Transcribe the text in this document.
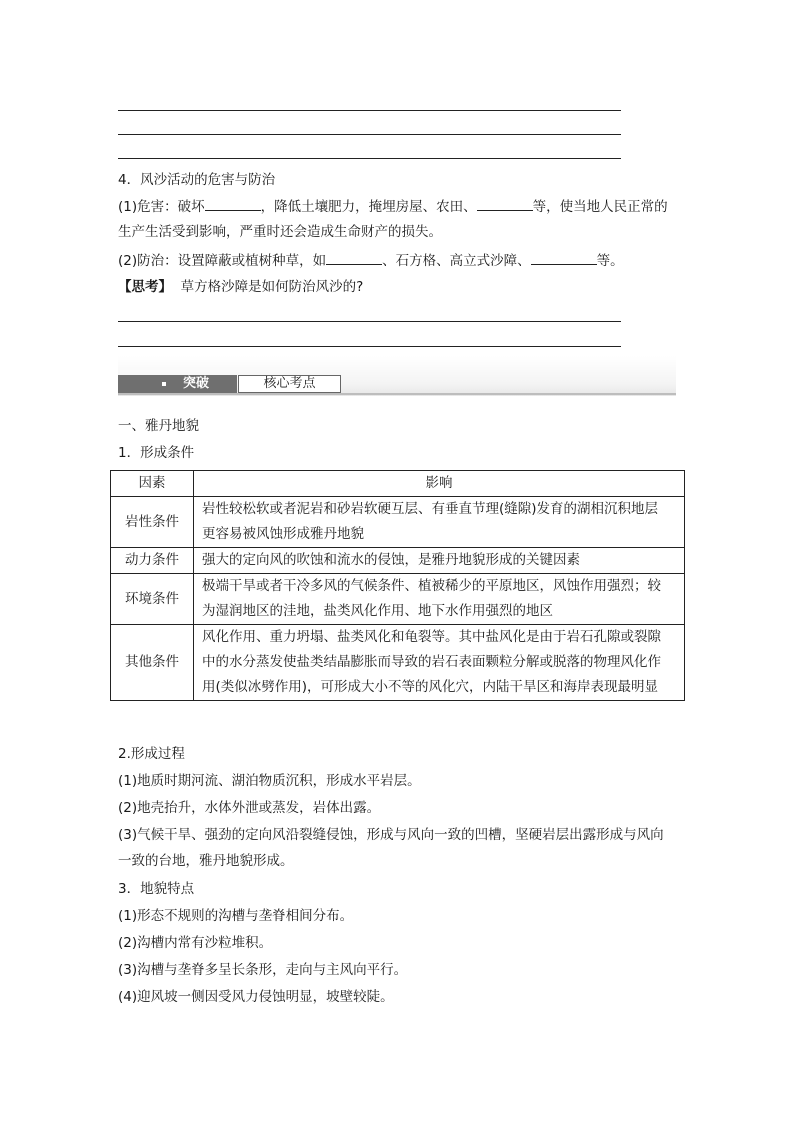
4．风沙活动的危害与防治
(1)危害：破坏	，降低土壤肥力，掩埋房屋、农田、	等，使当地人民正常的
生产生活受到影响，严重时还会造成生命财产的损失。
(2)防治：设置障蔽或植树种草，如	、石方格、高立式沙障、	等。
【思考】 草方格沙障是如何防治风沙的?
突破	核心考点
一、雅丹地貌
1．形成条件
因素	影响
岩性条件	岩性较松软或者泥岩和砂岩软硬互层、有垂直节理(缝隙)发育的湖相沉积地层
更容易被风蚀形成雅丹地貌

动力条件	强大的定向风的吹蚀和流水的侵蚀，是雅丹地貌形成的关键因素

环境条件	极端干旱或者干冷多风的气候条件、植被稀少的平原地区，风蚀作用强烈；较
为湿润地区的洼地，盐类风化作用、地下水作用强烈的地区

其他条件	风化作用、重力坍塌、盐类风化和龟裂等。其中盐风化是由于岩石孔隙或裂隙
中的水分蒸发使盐类结晶膨胀而导致的岩石表面颗粒分解或脱落的物理风化作
用(类似冰劈作用)，可形成大小不等的风化穴，内陆干旱区和海岸表现最明显
2.形成过程
(1)地质时期河流、湖泊物质沉积，形成水平岩层。
(2)地壳抬升，水体外泄或蒸发，岩体出露。
(3)气候干旱、强劲的定向风沿裂缝侵蚀，形成与风向一致的凹槽，坚硬岩层出露形成与风向
一致的台地，雅丹地貌形成。
3．地貌特点
(1)形态不规则的沟槽与垄脊相间分布。
(2)沟槽内常有沙粒堆积。
(3)沟槽与垄脊多呈长条形，走向与主风向平行。
(4)迎风坡一侧因受风力侵蚀明显，坡壁较陡。
